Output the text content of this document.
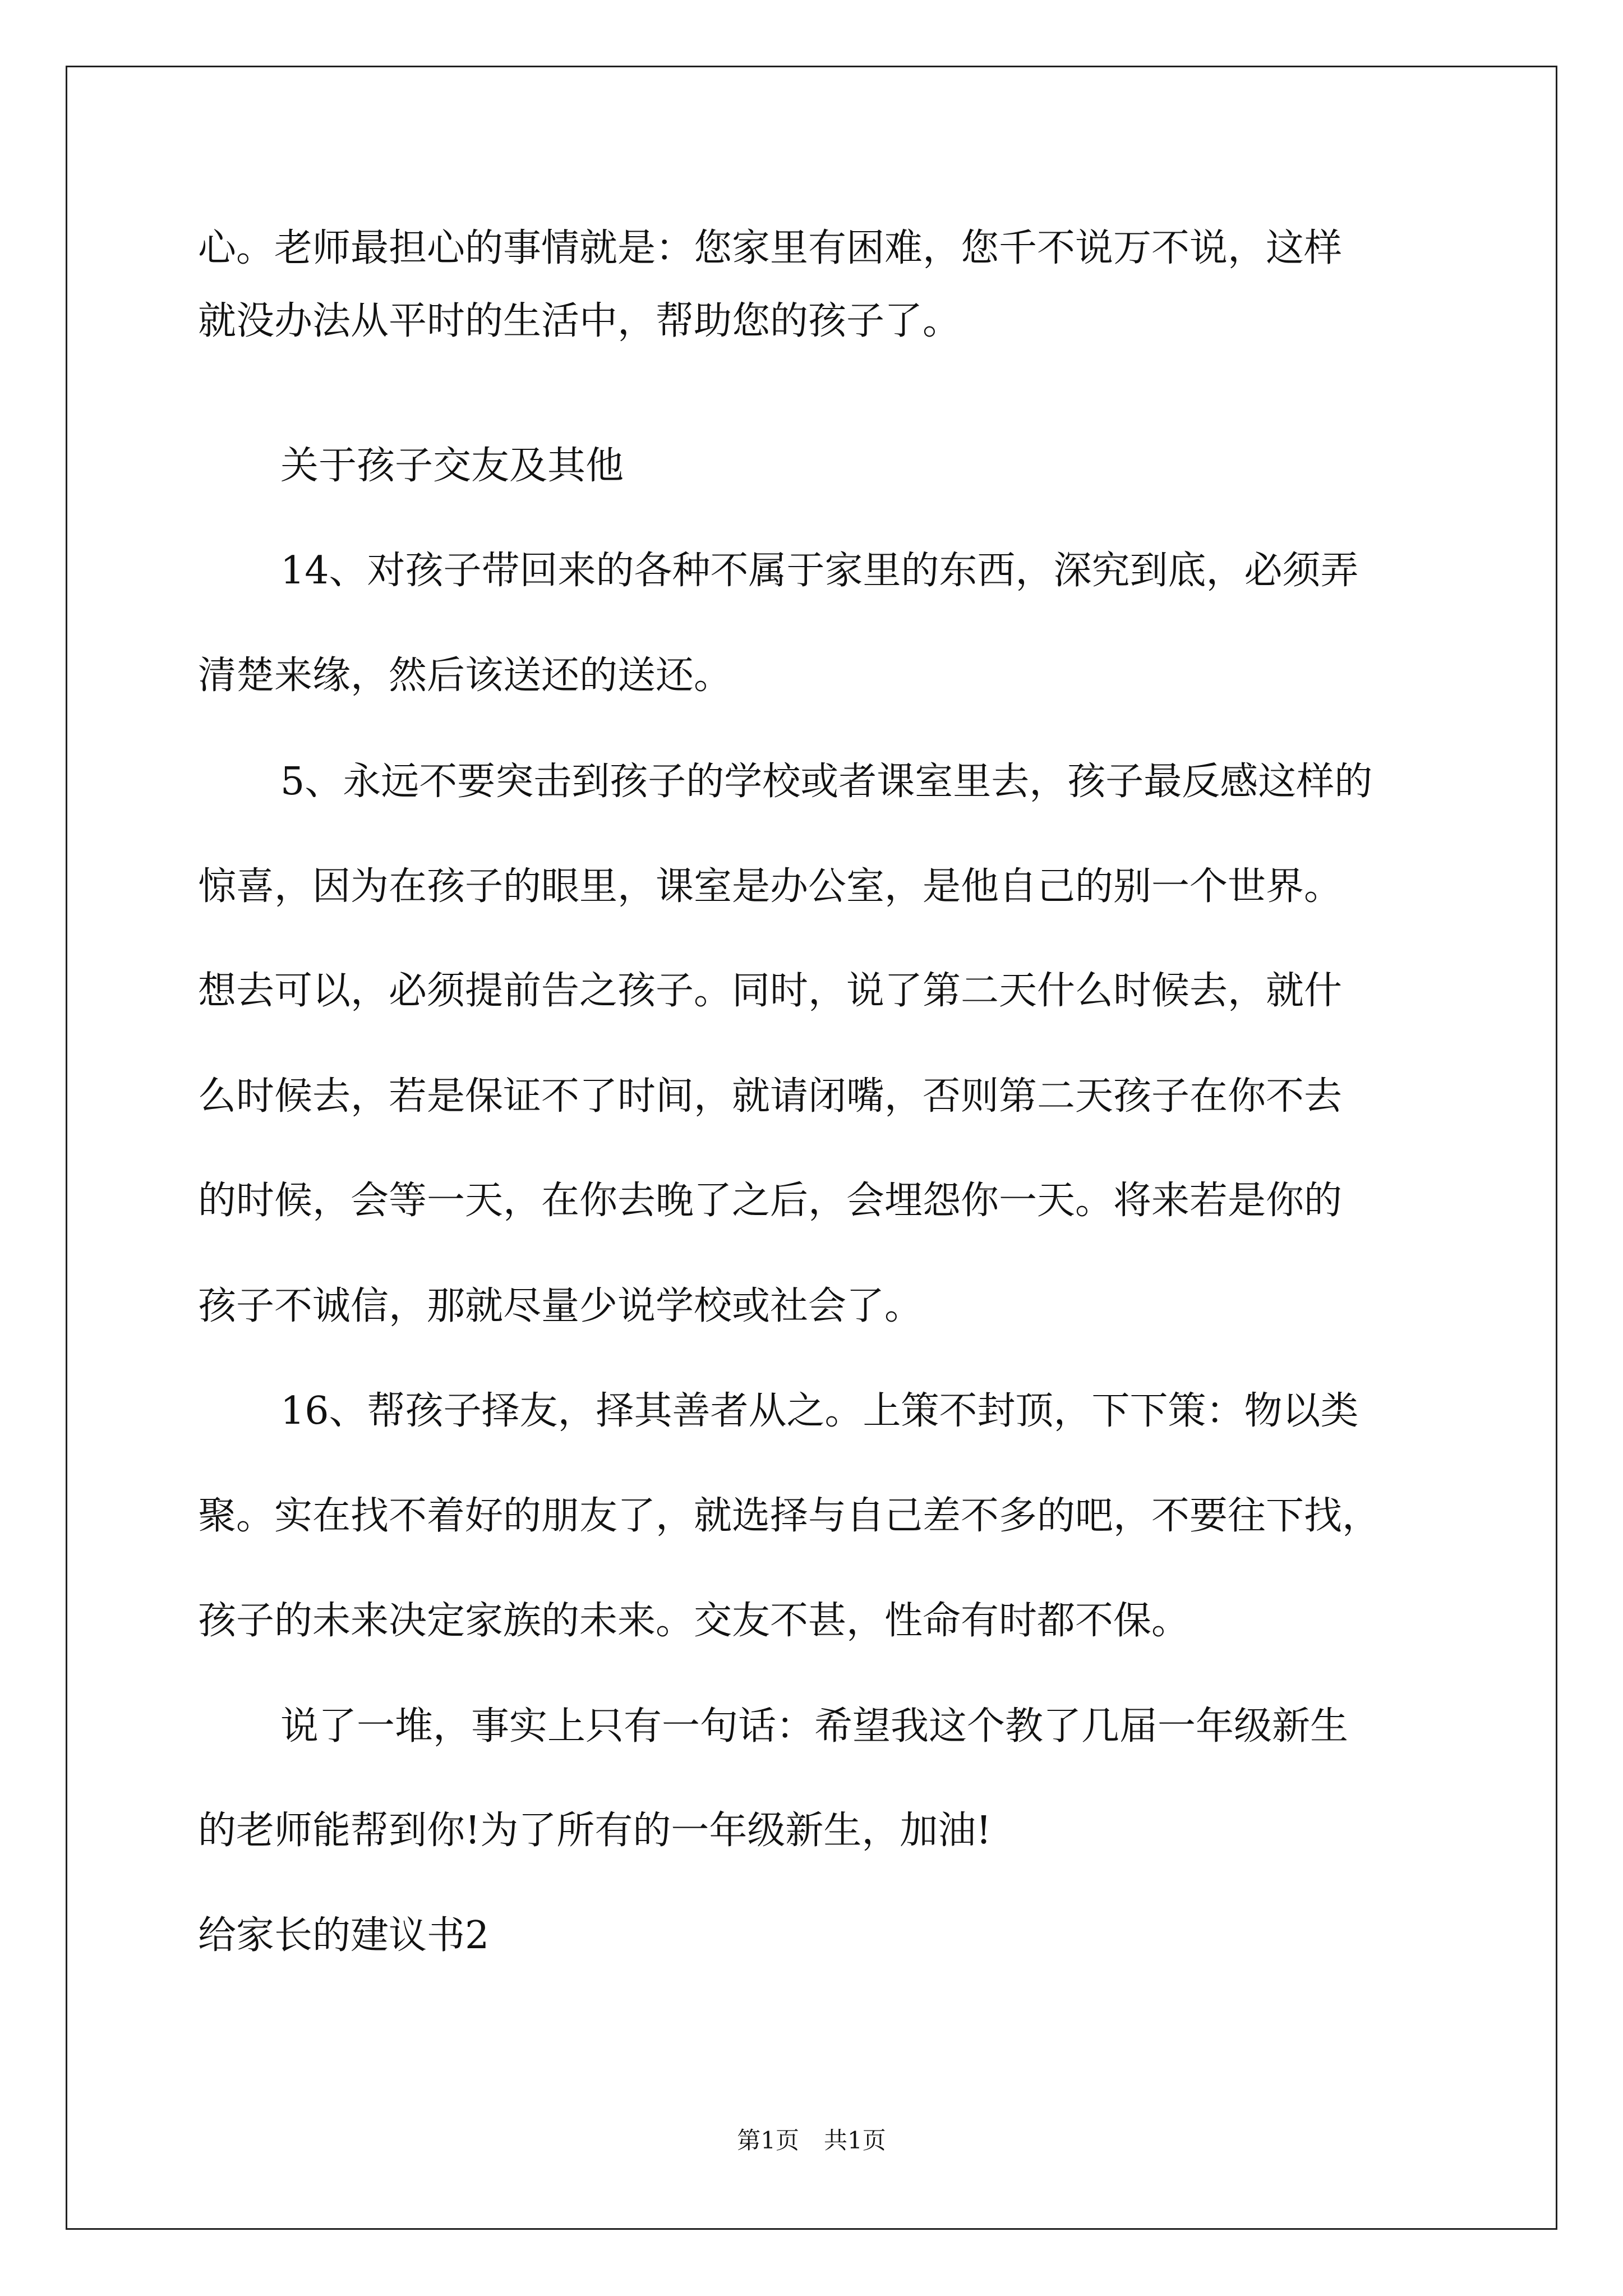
心。老师最担心的事情就是：您家里有困难，您千不说万不说，这样
就没办法从平时的生活中，帮助您的孩子了。
关于孩子交友及其他
14、对孩子带回来的各种不属于家里的东西，深究到底，必须弄
清楚来缘，然后该送还的送还。
5、永远不要突击到孩子的学校或者课室里去，孩子最反感这样的
惊喜，因为在孩子的眼里，课室是办公室，是他自己的别一个世界。
想去可以，必须提前告之孩子。同时，说了第二天什么时候去，就什
么时候去，若是保证不了时间，就请闭嘴，否则第二天孩子在你不去
的时候，会等一天，在你去晚了之后，会埋怨你一天。将来若是你的
孩子不诚信，那就尽量少说学校或社会了。
16、帮孩子择友，择其善者从之。上策不封顶，下下策：物以类
聚。实在找不着好的朋友了，就选择与自己差不多的吧，不要往下找，
孩子的未来决定家族的未来。交友不甚，性命有时都不保。
说了一堆，事实上只有一句话：希望我这个教了几届一年级新生
的老师能帮到你!为了所有的一年级新生，加油!
给家长的建议书2
第1页 共1页
